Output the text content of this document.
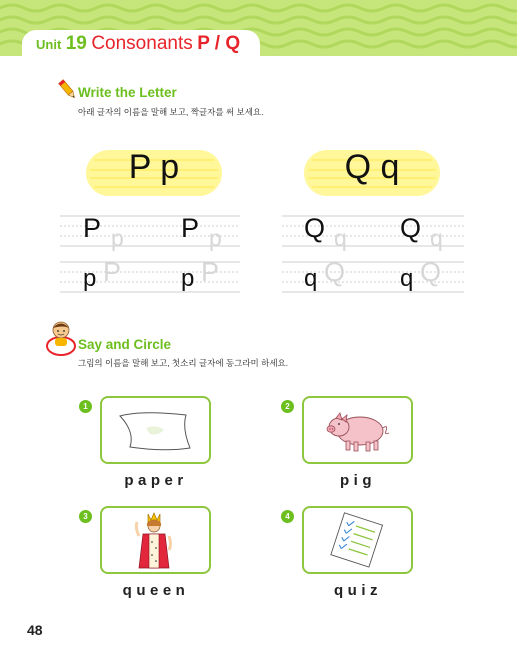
Unit 19 Consonants P / Q
Write the Letter
아래 글자의 이름을 말해 보고, 짝글자를 써 보세요.
P p	Q q
P p P p
p P p P
Q q Q q
q Q q Q
Say and Circle
그림의 이름을 말해 보고, 첫소리 글자에 동그라미 하세요.
1
paper
2
pig
3
queen
4
quiz
48
